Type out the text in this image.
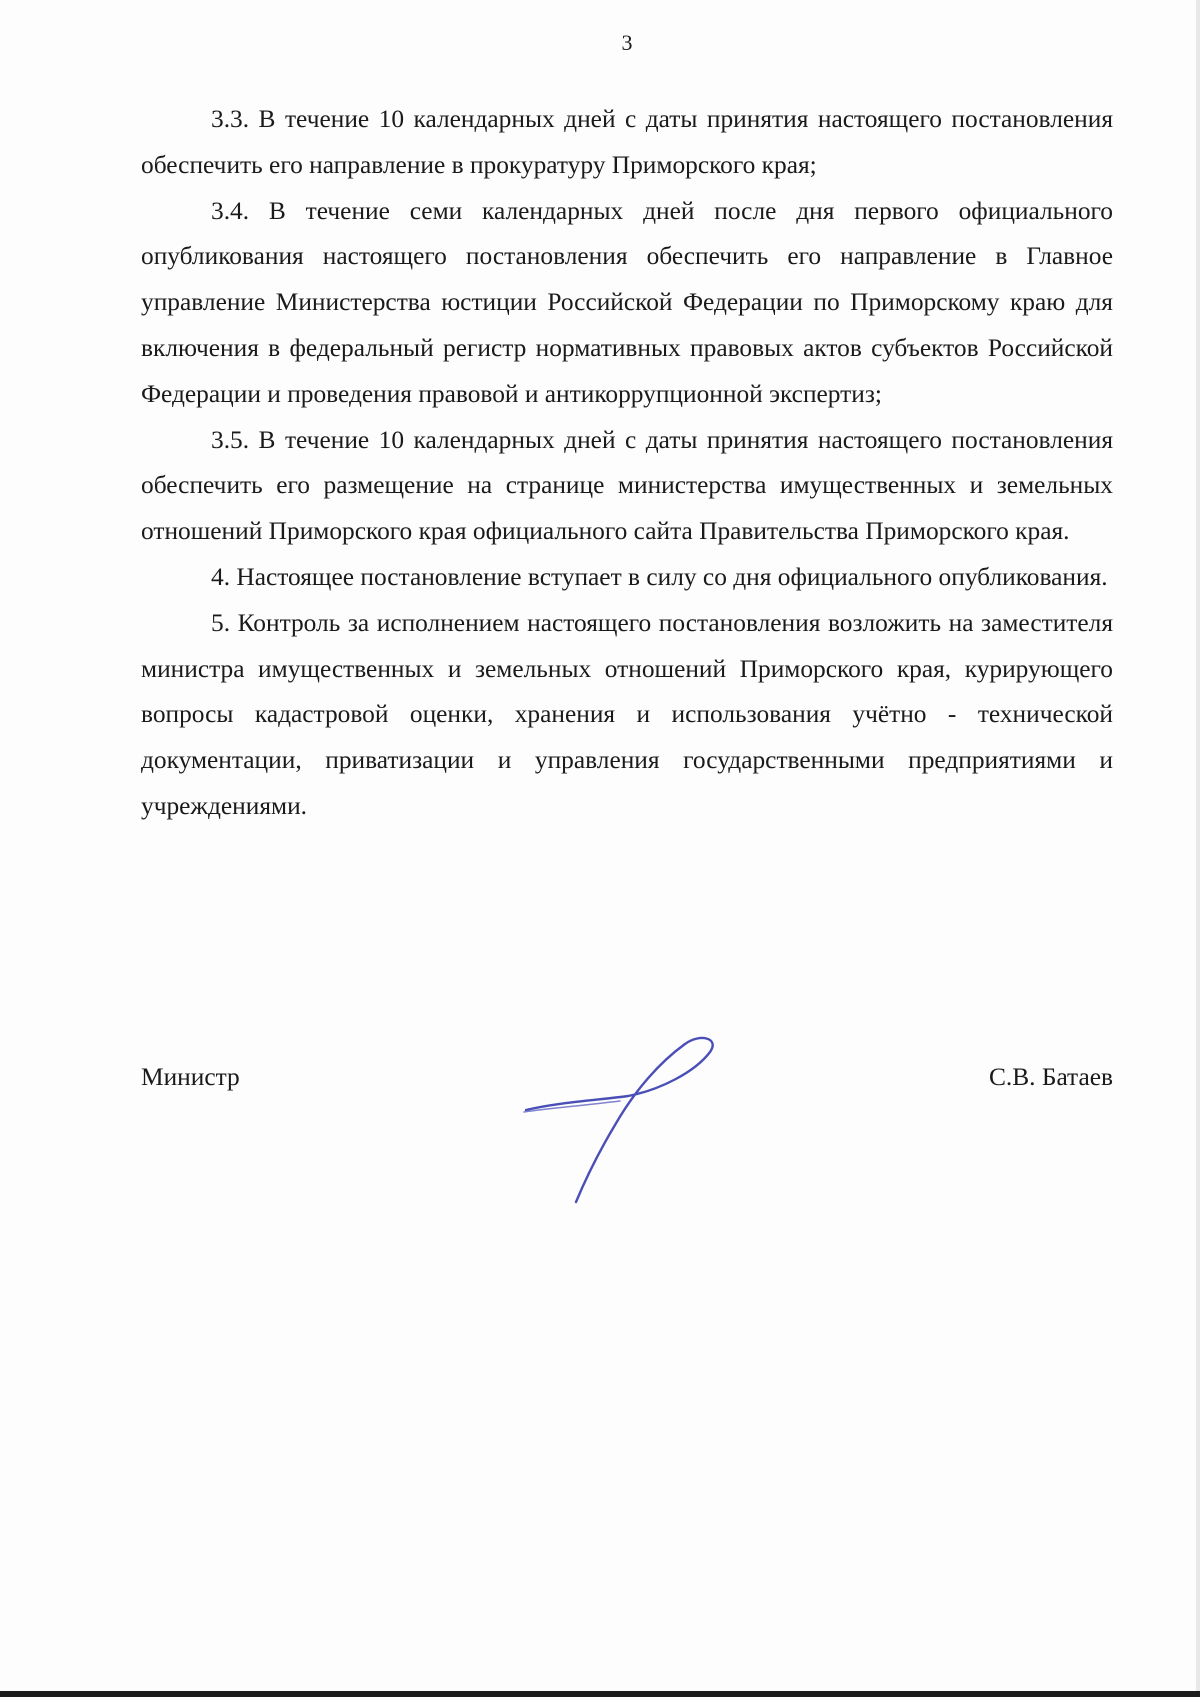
3

3.3. В течение 10 календарных дней с даты принятия настоящего постановления обеспечить его направление в прокуратуру Приморского края;

3.4. В течение семи календарных дней после дня первого официального опубликования настоящего постановления обеспечить его направление в Главное управление Министерства юстиции Российской Федерации по Приморскому краю для включения в федеральный регистр нормативных правовых актов субъектов Российской Федерации и проведения правовой и антикоррупционной экспертиз;

3.5. В течение 10 календарных дней с даты принятия настоящего постановления обеспечить его размещение на странице министерства имущественных и земельных отношений Приморского края официального сайта Правительства Приморского края.

4. Настоящее постановление вступает в силу со дня официального опубликования.

5. Контроль за исполнением настоящего постановления возложить на заместителя министра имущественных и земельных отношений Приморского края, курирующего вопросы кадастровой оценки, хранения и использования учётно - технической документации, приватизации и управления государственными предприятиями и учреждениями.

Министр	С.В. Батаев
